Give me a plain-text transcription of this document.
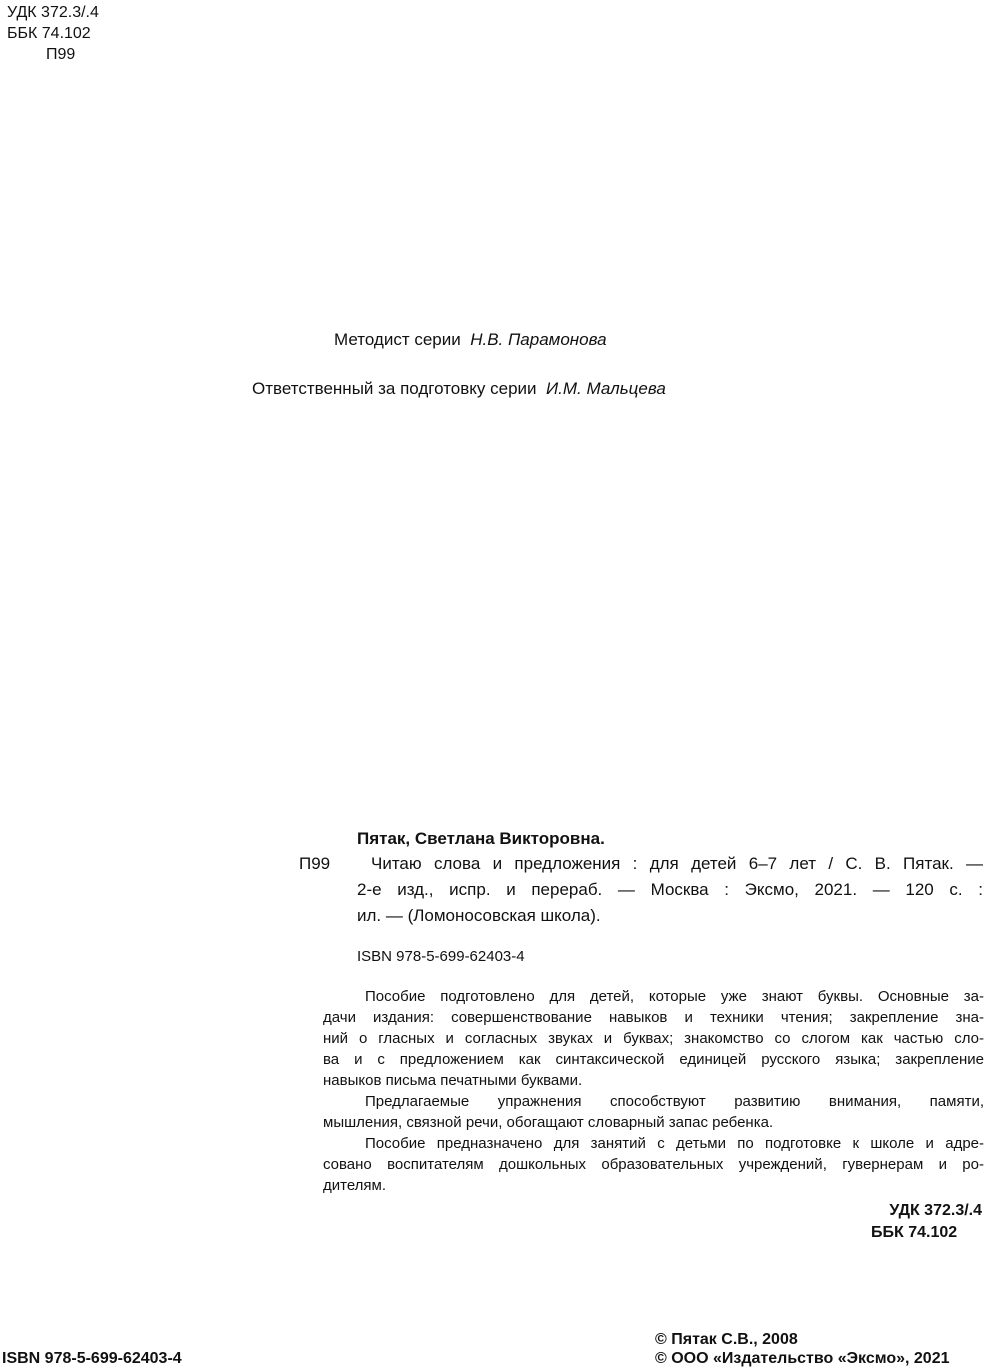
УДК 372.3/.4
ББК 74.102
П99
Методист серии Н.В. Парамонова
Ответственный за подготовку серии И.М. Мальцева
Пятак, Светлана Викторовна.
П99 Читаю слова и предложения : для детей 6–7 лет / С. В. Пятак. —
2-е изд., испр. и перераб. — Москва : Эксмо, 2021. — 120 с. :
ил. — (Ломоносовская школа).
ISBN 978-5-699-62403-4
Пособие подготовлено для детей, которые уже знают буквы. Основные за-
дачи издания: совершенствование навыков и техники чтения; закрепление зна-
ний о гласных и согласных звуках и буквах; знакомство со слогом как частью сло-
ва и с предложением как синтаксической единицей русского языка; закрепление
навыков письма печатными буквами.
Предлагаемые упражнения способствуют развитию внимания, памяти,
мышления, связной речи, обогащают словарный запас ребенка.
Пособие предназначено для занятий с детьми по подготовке к школе и адре-
совано воспитателям дошкольных образовательных учреждений, гувернерам и ро-
дителям.
УДК 372.3/.4
ББК 74.102
ISBN 978-5-699-62403-4
© Пятак С.В., 2008
© ООО «Издательство «Эксмо», 2021
